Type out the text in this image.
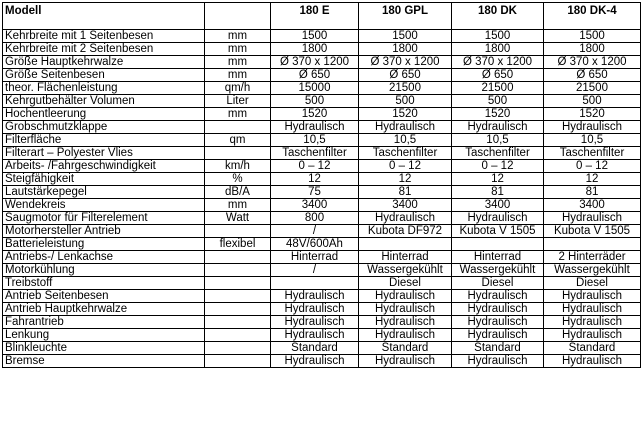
Modell		180 E	180 GPL	180 DK	180 DK-4
Kehrbreite mit 1 Seitenbesen	mm	1500	1500	1500	1500
Kehrbreite mit 2 Seitenbesen	mm	1800	1800	1800	1800
Größe Hauptkehrwalze	mm	Ø 370 x 1200	Ø 370 x 1200	Ø 370 x 1200	Ø 370 x 1200
Größe Seitenbesen	mm	Ø 650	Ø 650	Ø 650	Ø 650
theor. Flächenleistung	qm/h	15000	21500	21500	21500
Kehrgutbehälter Volumen	Liter	500	500	500	500
Hochentleerung	mm	1520	1520	1520	1520
Grobschmutzklappe		Hydraulisch	Hydraulisch	Hydraulisch	Hydraulisch
Filterfläche	qm	10,5	10,5	10,5	10,5
Filterart – Polyester Vlies		Taschenfilter	Taschenfilter	Taschenfilter	Taschenfilter
Arbeits- /Fahrgeschwindigkeit	km/h	0 – 12	0 – 12	0 – 12	0 – 12
Steigfähigkeit	%	12	12	12	12
Lautstärkepegel	dB/A	75	81	81	81
Wendekreis	mm	3400	3400	3400	3400
Saugmotor für Filterelement	Watt	800	Hydraulisch	Hydraulisch	Hydraulisch
Motorhersteller Antrieb		/	Kubota DF972	Kubota V 1505	Kubota V 1505
Batterieleistung	flexibel	48V/600Ah			
Antriebs-/ Lenkachse		Hinterrad	Hinterrad	Hinterrad	2 Hinterräder
Motorkühlung		/	Wassergekühlt	Wassergekühlt	Wassergekühlt
Treibstoff			Diesel	Diesel	Diesel
Antrieb Seitenbesen		Hydraulisch	Hydraulisch	Hydraulisch	Hydraulisch
Antrieb Hauptkehrwalze		Hydraulisch	Hydraulisch	Hydraulisch	Hydraulisch
Fahrantrieb		Hydraulisch	Hydraulisch	Hydraulisch	Hydraulisch
Lenkung		Hydraulisch	Hydraulisch	Hydraulisch	Hydraulisch
Blinkleuchte		Standard	Standard	Standard	Standard
Bremse		Hydraulisch	Hydraulisch	Hydraulisch	Hydraulisch
